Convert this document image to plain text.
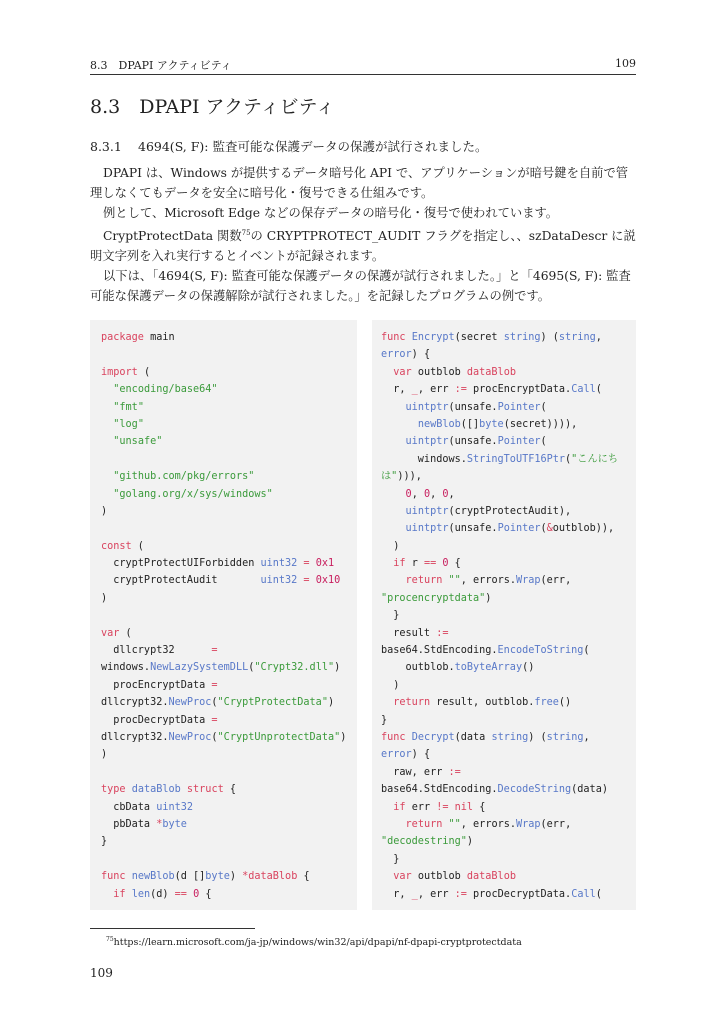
8.3　DPAPI アクティビティ	109
8.3　DPAPI アクティビティ
8.3.1 4694(S, F): 監査可能な保護データの保護が試行されました。

DPAPI は、Windows が提供するデータ暗号化 API で、アプリケーションが暗号鍵を自前で管理しなくてもデータを安全に暗号化・復号できる仕組みです。

例として、Microsoft Edge などの保存データの暗号化・復号で使われています。

CryptProtectData 関数$^{75}$の CRYPTPROTECT_AUDIT フラグを指定し、、szDataDescr に説明文字列を入れ実行するとイベントが記録されます。

以下は、「4694(S, F): 監査可能な保護データの保護が試行されました。」と「4695(S, F): 監査可能な保護データの保護解除が試行されました。」を記録したプログラムの例です。

package main
import (
"encoding/base64"
"fmt"
"log"
"unsafe"
"github.com/pkg/errors"
"golang.org/x/sys/windows"
)
const (
cryptProtectUIForbidden uint32 = 0x1
cryptProtectAudit       uint32 = 0x10
)
var (
dllcrypt32      =
windows.NewLazySystemDLL("Crypt32.dll")
procEncryptData =
dllcrypt32.NewProc("CryptProtectData")
procDecryptData =
dllcrypt32.NewProc("CryptUnprotectData")
)
type dataBlob struct {
cbData uint32
pbData *byte
}
func newBlob(d []byte) *dataBlob {
if len(d) == 0 {
func Encrypt(secret string) (string,
error) {
var outblob dataBlob
r, _, err := procEncryptData.Call(
uintptr(unsafe.Pointer(
newBlob([]byte(secret)))),
uintptr(unsafe.Pointer(
windows.StringToUTF16Ptr("こんにち
は"))),
0, 0, 0,
uintptr(cryptProtectAudit),
uintptr(unsafe.Pointer(&outblob)),
)
if r == 0 {
return "", errors.Wrap(err,
"procencryptdata")
}
result :=
base64.StdEncoding.EncodeToString(
outblob.toByteArray()
)
return result, outblob.free()
}
func Decrypt(data string) (string,
error) {
raw, err :=
base64.StdEncoding.DecodeString(data)
if err != nil {
return "", errors.Wrap(err,
"decodestring")
}
var outblob dataBlob
r, _, err := procDecryptData.Call(
$^{75}$https://learn.microsoft.com/ja-jp/windows/win32/api/dpapi/nf-dpapi-cryptprotectdata
109
